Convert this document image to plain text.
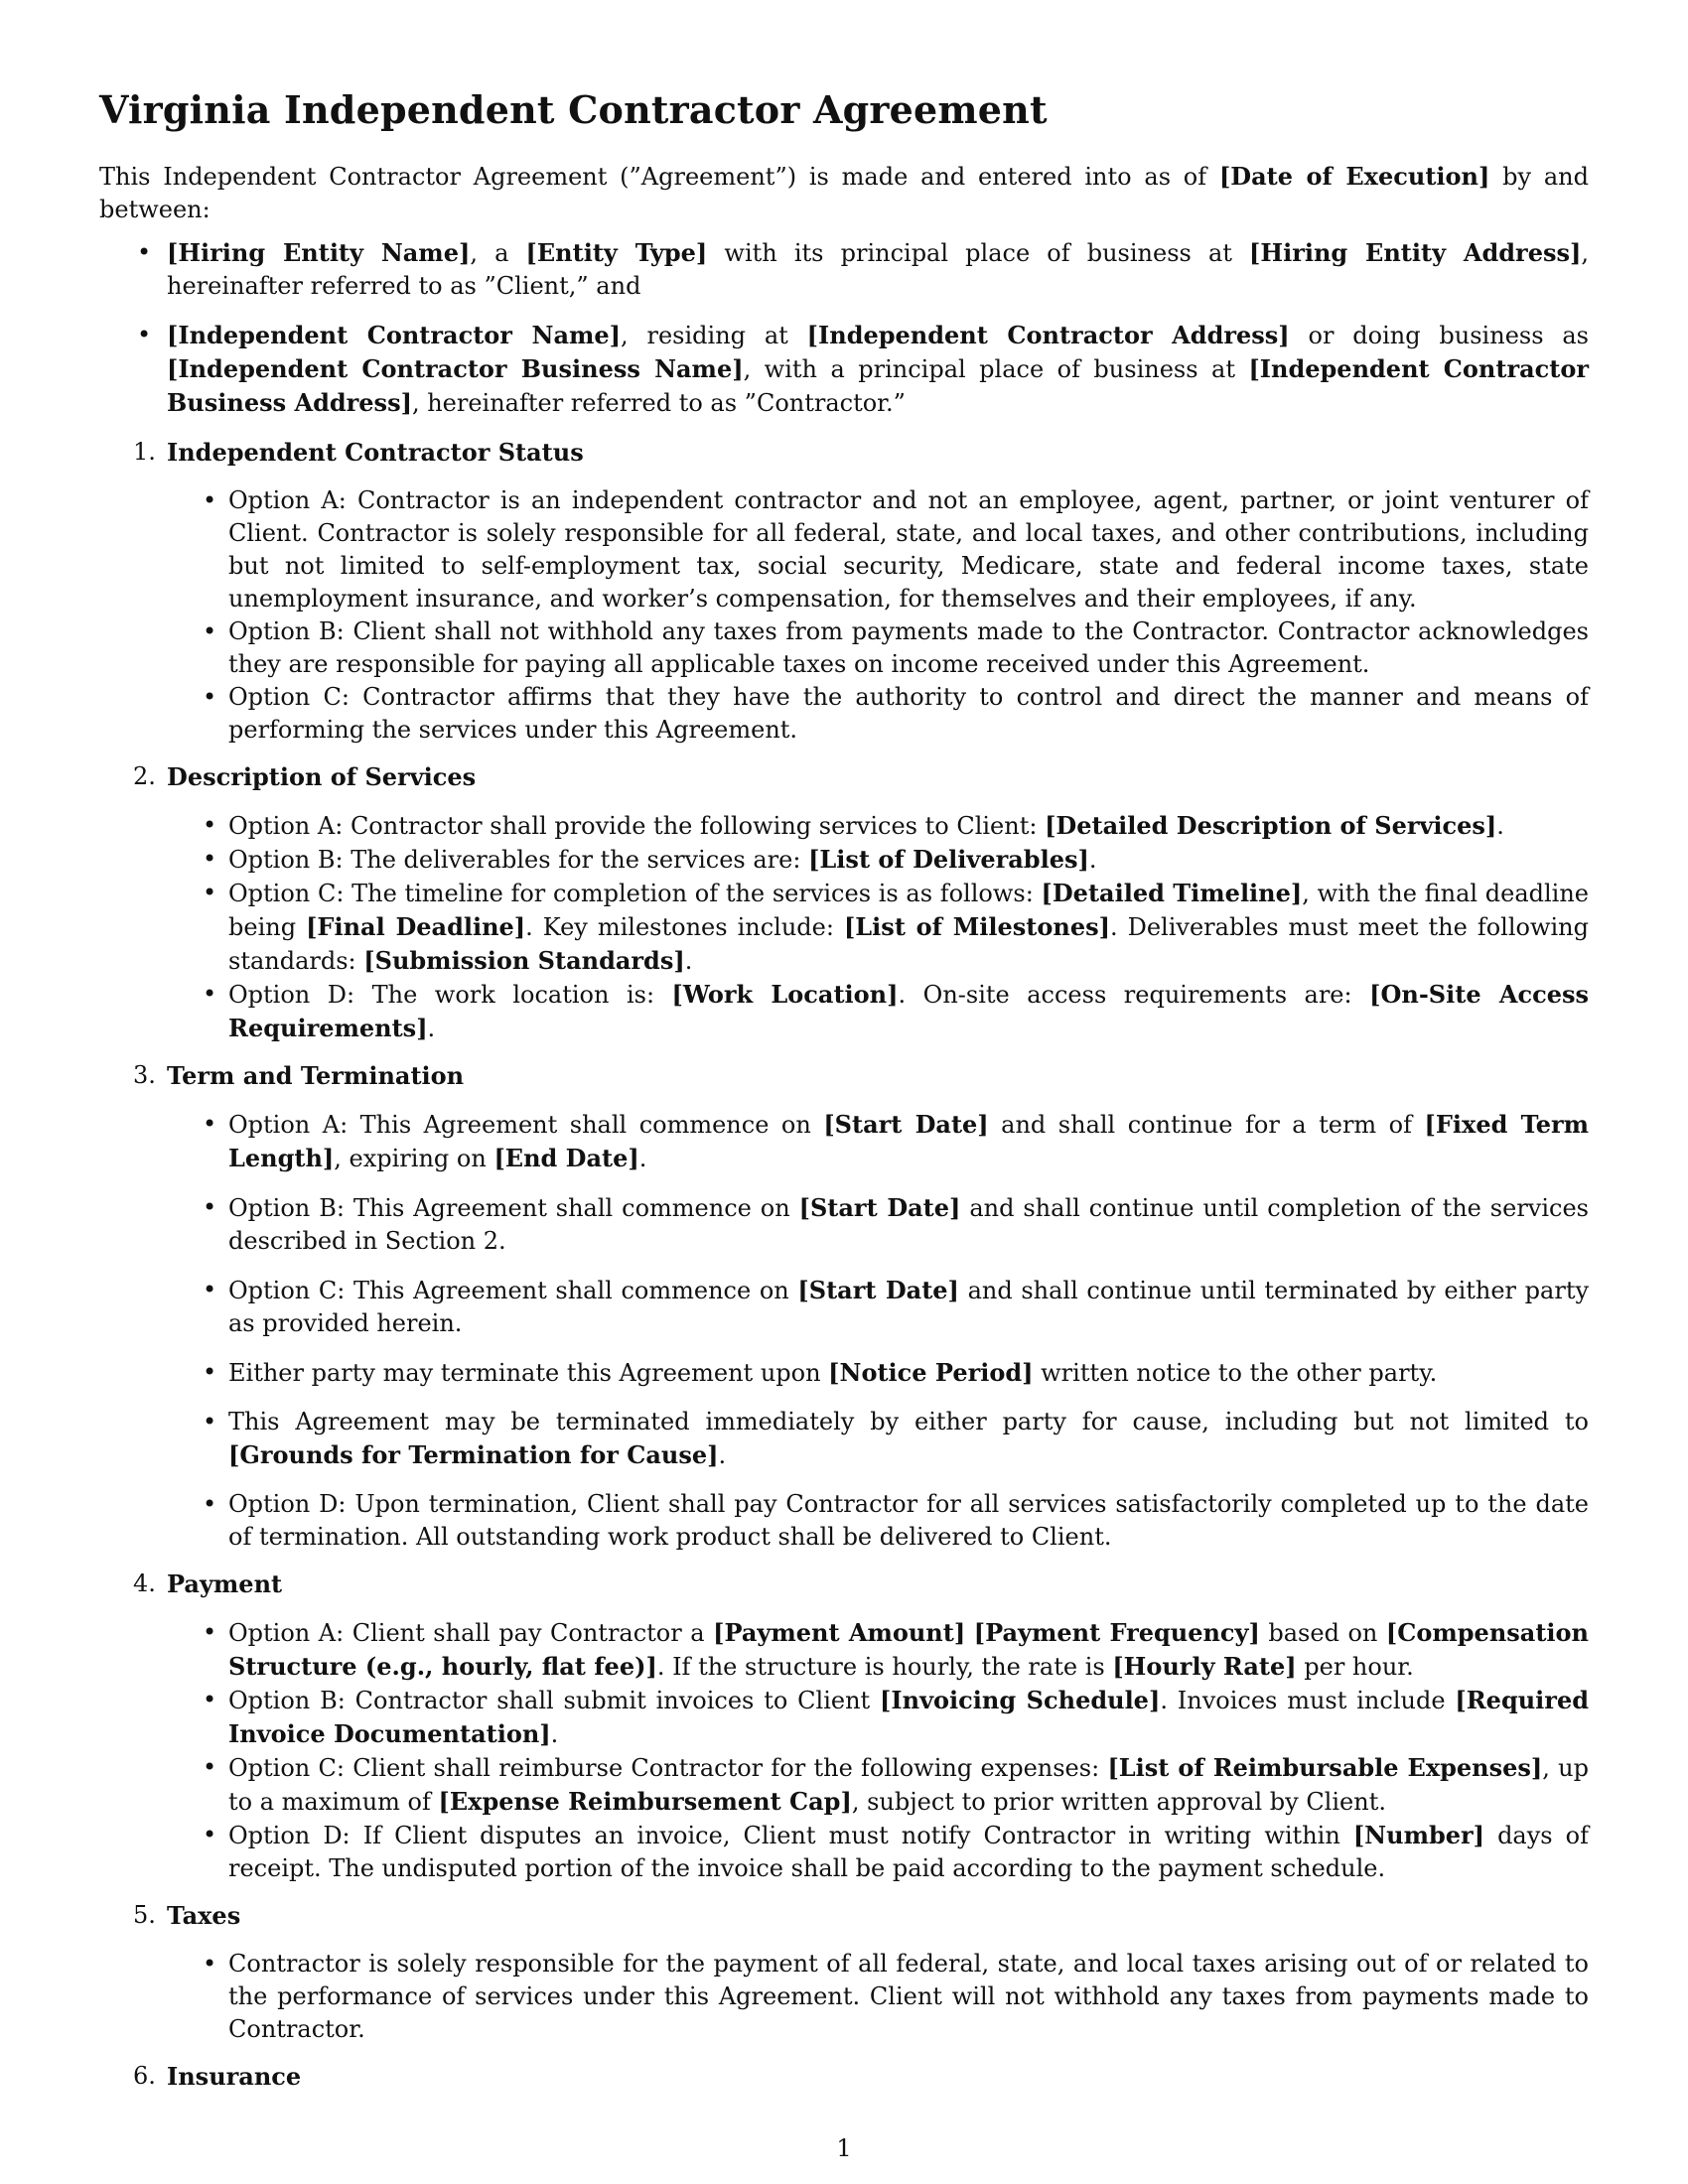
Virginia Independent Contractor Agreement

This Independent Contractor Agreement (”Agreement”) is made and entered into as of [Date of Execution] by and between:

• [Hiring Entity Name], a [Entity Type] with its principal place of business at [Hiring Entity Address], hereinafter referred to as ”Client,” and
• [Independent Contractor Name], residing at [Independent Contractor Address] or doing business as [Independent Contractor Business Name], with a principal place of business at [Independent Contractor Business Address], hereinafter referred to as ”Contractor.”
1. Independent Contractor Status
• Option A: Contractor is an independent contractor and not an employee, agent, partner, or joint venturer of Client. Contractor is solely responsible for all federal, state, and local taxes, and other contributions, including but not limited to self-employment tax, social security, Medicare, state and federal income taxes, state unemployment insurance, and worker’s compensation, for themselves and their employees, if any.
• Option B: Client shall not withhold any taxes from payments made to the Contractor. Contractor acknowledges they are responsible for paying all applicable taxes on income received under this Agreement.
• Option C: Contractor affirms that they have the authority to control and direct the manner and means of performing the services under this Agreement.
2. Description of Services
• Option A: Contractor shall provide the following services to Client: [Detailed Description of Services].
• Option B: The deliverables for the services are: [List of Deliverables].
• Option C: The timeline for completion of the services is as follows: [Detailed Timeline], with the final deadline being [Final Deadline]. Key milestones include: [List of Milestones]. Deliverables must meet the following standards: [Submission Standards].
• Option D: The work location is: [Work Location]. On-site access requirements are: [On-Site Access Requirements].
3. Term and Termination
• Option A: This Agreement shall commence on [Start Date] and shall continue for a term of [Fixed Term Length], expiring on [End Date].
• Option B: This Agreement shall commence on [Start Date] and shall continue until completion of the services described in Section 2.
• Option C: This Agreement shall commence on [Start Date] and shall continue until terminated by either party as provided herein.
• Either party may terminate this Agreement upon [Notice Period] written notice to the other party.
• This Agreement may be terminated immediately by either party for cause, including but not limited to [Grounds for Termination for Cause].
• Option D: Upon termination, Client shall pay Contractor for all services satisfactorily completed up to the date of termination. All outstanding work product shall be delivered to Client.
4. Payment
• Option A: Client shall pay Contractor a [Payment Amount] [Payment Frequency] based on [Compensation Structure (e.g., hourly, flat fee)]. If the structure is hourly, the rate is [Hourly Rate] per hour.
• Option B: Contractor shall submit invoices to Client [Invoicing Schedule]. Invoices must include [Required Invoice Documentation].
• Option C: Client shall reimburse Contractor for the following expenses: [List of Reimbursable Expenses], up to a maximum of [Expense Reimbursement Cap], subject to prior written approval by Client.
• Option D: If Client disputes an invoice, Client must notify Contractor in writing within [Number] days of receipt. The undisputed portion of the invoice shall be paid according to the payment schedule.
5. Taxes
• Contractor is solely responsible for the payment of all federal, state, and local taxes arising out of or related to the performance of services under this Agreement. Client will not withhold any taxes from payments made to Contractor.
6. Insurance
1
